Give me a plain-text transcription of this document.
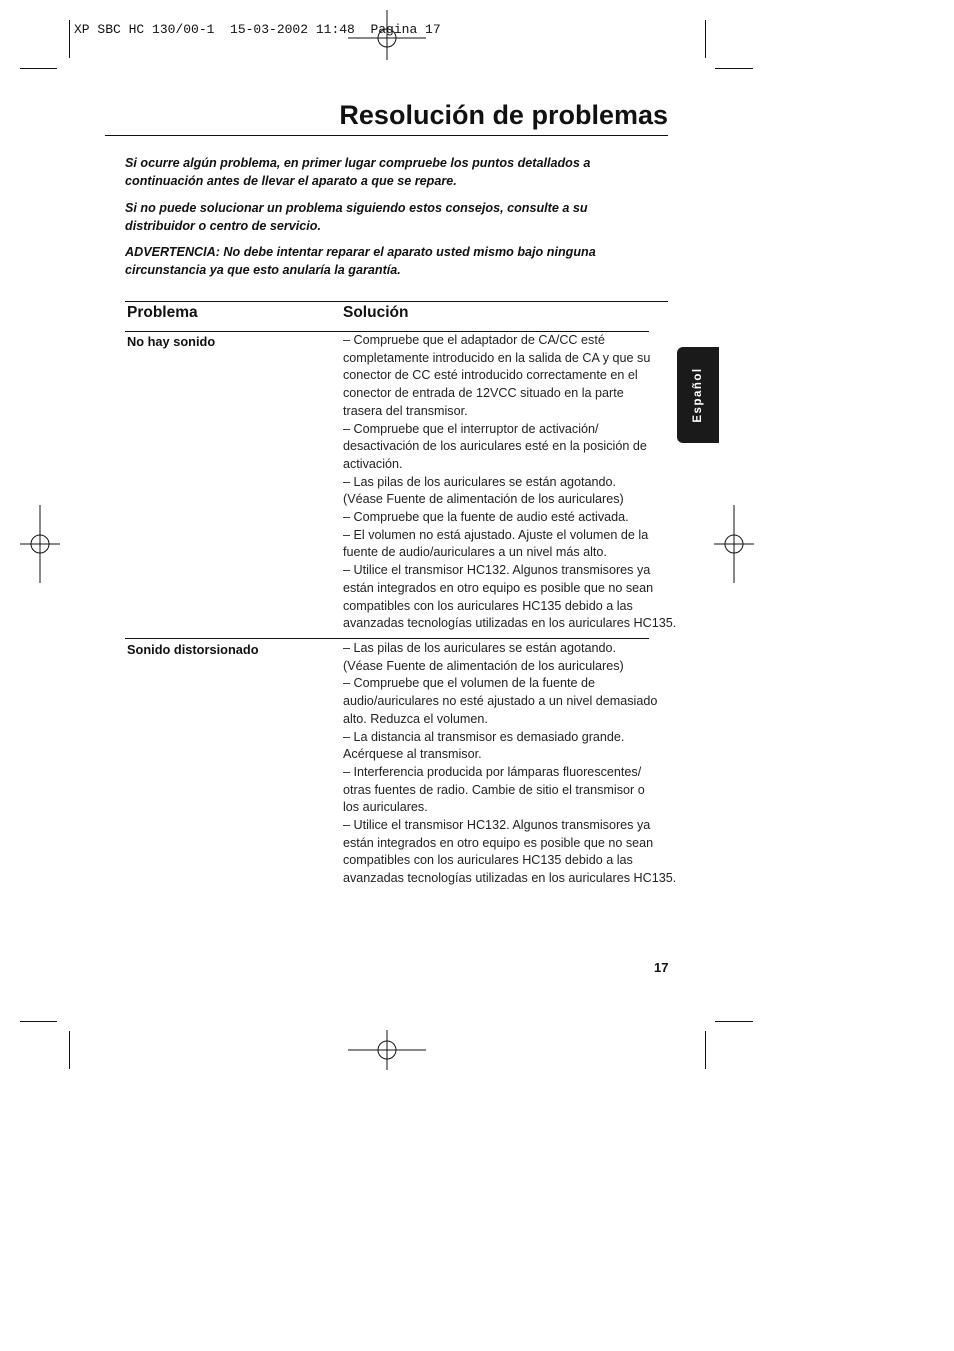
XP SBC HC 130/00-1  15-03-2002 11:48  Pagina 17
Resolución de problemas
Si ocurre algún problema, en primer lugar compruebe los puntos detallados a
continuación antes de llevar el aparato a que se repare.
Si no puede solucionar un problema siguiendo estos consejos, consulte a su
distribuidor o centro de servicio.
ADVERTENCIA: No debe intentar reparar el aparato usted mismo bajo ninguna
circunstancia ya que esto anularía la garantía.
Problema	Solución
No hay sonido	– Compruebe que el adaptador de CA/CC esté
completamente introducido en la salida de CA y que su
conector de CC esté introducido correctamente en el
conector de entrada de 12VCC situado en la parte
trasera del transmisor.
– Compruebe que el interruptor de activación/
desactivación de los auriculares esté en la posición de
activación.
– Las pilas de los auriculares se están agotando.
(Véase Fuente de alimentación de los auriculares)
– Compruebe que la fuente de audio esté activada.
– El volumen no está ajustado. Ajuste el volumen de la
fuente de audio/auriculares a un nivel más alto.
– Utilice el transmisor HC132. Algunos transmisores ya
están integrados en otro equipo es posible que no sean
compatibles con los auriculares HC135 debido a las
avanzadas tecnologías utilizadas en los auriculares HC135.
Sonido distorsionado	– Las pilas de los auriculares se están agotando.
(Véase Fuente de alimentación de los auriculares)
– Compruebe que el volumen de la fuente de
audio/auriculares no esté ajustado a un nivel demasiado
alto. Reduzca el volumen.
– La distancia al transmisor es demasiado grande.
Acérquese al transmisor.
– Interferencia producida por lámparas fluorescentes/
otras fuentes de radio. Cambie de sitio el transmisor o
los auriculares.
– Utilice el transmisor HC132. Algunos transmisores ya
están integrados en otro equipo es posible que no sean
compatibles con los auriculares HC135 debido a las
avanzadas tecnologías utilizadas en los auriculares HC135.
Español
17
